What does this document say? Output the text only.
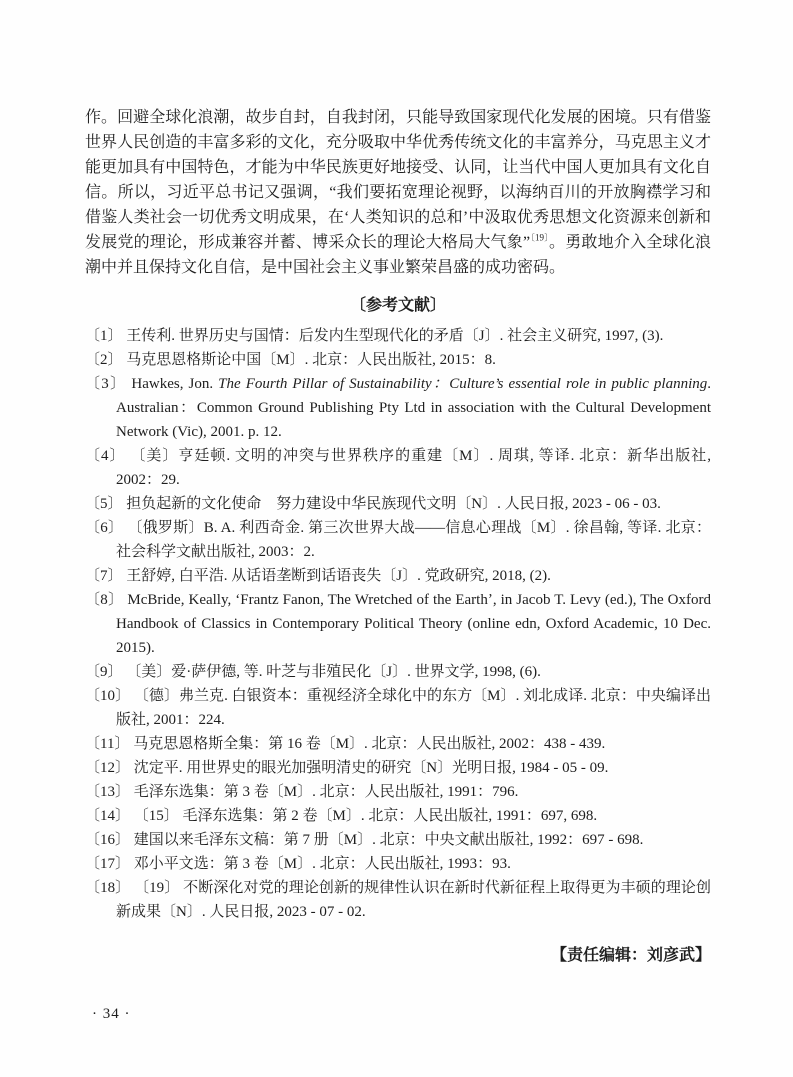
作。回避全球化浪潮，故步自封，自我封闭，只能导致国家现代化发展的困境。只有借鉴世界人民创造的丰富多彩的文化，充分吸取中华优秀传统文化的丰富养分，马克思主义才能更加具有中国特色，才能为中华民族更好地接受、认同，让当代中国人更加具有文化自信。所以，习近平总书记又强调，“我们要拓宽理论视野，以海纳百川的开放胸襟学习和借鉴人类社会一切优秀文明成果，在‘人类知识的总和’中汲取优秀思想文化资源来创新和发展党的理论，形成兼容并蓄、博采众长的理论大格局大气象”$^{〔19〕}$。勇敢地介入全球化浪潮中并且保持文化自信，是中国社会主义事业繁荣昌盛的成功密码。

〔参考文献〕
〔1〕 王传利. 世界历史与国情：后发内生型现代化的矛盾〔J〕. 社会主义研究, 1997, (3).
〔2〕 马克思恩格斯论中国〔M〕. 北京：人民出版社, 2015：8.
〔3〕 Hawkes, Jon. The Fourth Pillar of Sustainability：Culture’s essential role in public planning. Australian：Common Ground Publishing Pty Ltd in association with the Cultural Development Network (Vic), 2001. p. 12.
〔4〕 〔美〕亨廷顿. 文明的冲突与世界秩序的重建〔M〕. 周琪, 等译. 北京：新华出版社, 2002：29.
〔5〕 担负起新的文化使命　努力建设中华民族现代文明〔N〕. 人民日报, 2023 - 06 - 03.
〔6〕 〔俄罗斯〕B. A. 利西奇金. 第三次世界大战——信息心理战〔M〕. 徐昌翰, 等译. 北京：社会科学文献出版社, 2003：2.
〔7〕 王舒婷, 白平浩. 从话语垄断到话语丧失〔J〕. 党政研究, 2018, (2).
〔8〕 McBride, Keally, ʻFrantz Fanon, The Wretched of the Earthʼ, in Jacob T. Levy (ed.), The Oxford Handbook of Classics in Contemporary Political Theory (online edn, Oxford Academic, 10 Dec. 2015).
〔9〕 〔美〕爱·萨伊德, 等. 叶芝与非殖民化〔J〕. 世界文学, 1998, (6).
〔10〕 〔德〕弗兰克. 白银资本：重视经济全球化中的东方〔M〕. 刘北成译. 北京：中央编译出版社, 2001：224.
〔11〕 马克思恩格斯全集：第 16 卷〔M〕. 北京：人民出版社, 2002：438 - 439.
〔12〕 沈定平. 用世界史的眼光加强明清史的研究〔N〕光明日报, 1984 - 05 - 09.
〔13〕 毛泽东选集：第 3 卷〔M〕. 北京：人民出版社, 1991：796.
〔14〕 〔15〕 毛泽东选集：第 2 卷〔M〕. 北京：人民出版社, 1991：697, 698.
〔16〕 建国以来毛泽东文稿：第 7 册〔M〕. 北京：中央文献出版社, 1992：697 - 698.
〔17〕 邓小平文选：第 3 卷〔M〕. 北京：人民出版社, 1993：93.
〔18〕 〔19〕 不断深化对党的理论创新的规律性认识在新时代新征程上取得更为丰硕的理论创新成果〔N〕. 人民日报, 2023 - 07 - 02.

【责任编辑：刘彦武】

· 34 ·
